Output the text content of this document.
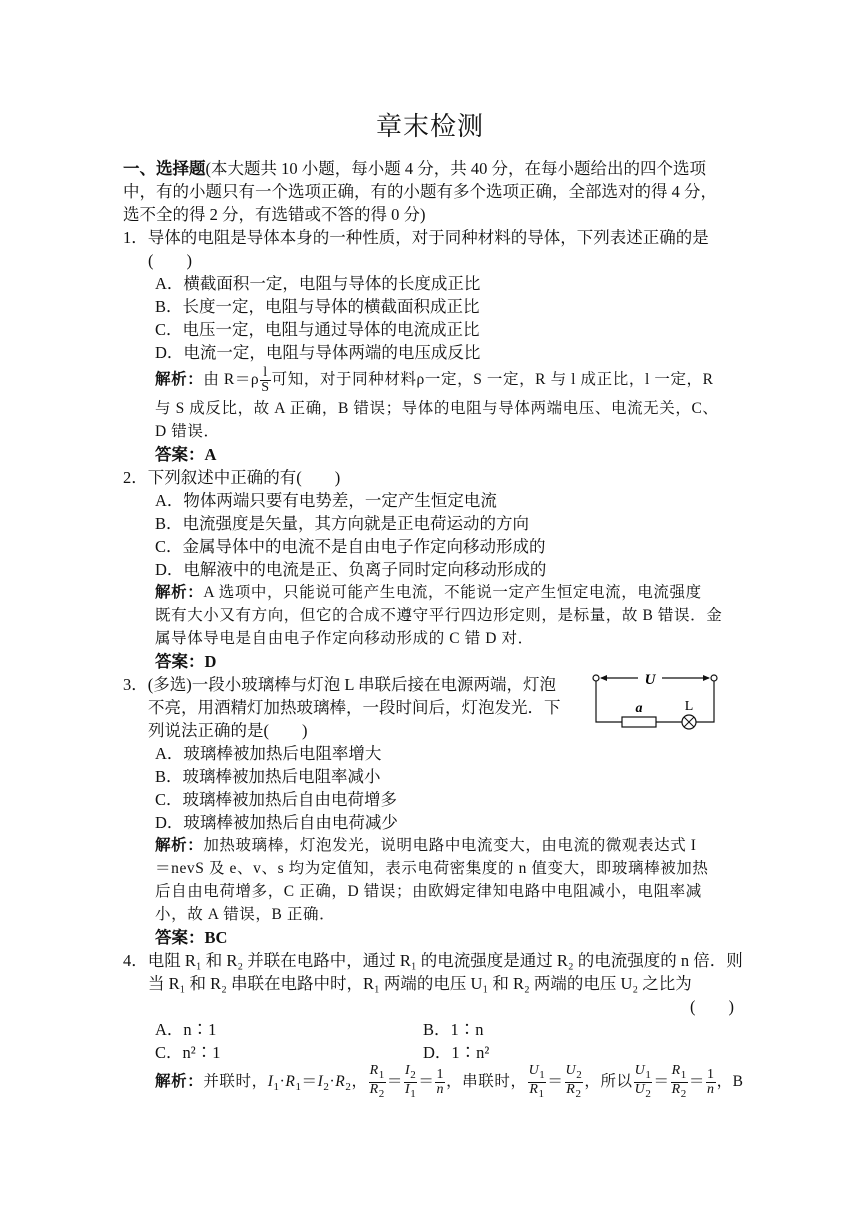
章末检测
一、选择题(本大题共 10 小题，每小题 4 分，共 40 分，在每小题给出的四个选项
中，有的小题只有一个选项正确，有的小题有多个选项正确，全部选对的得 4 分，
选不全的得 2 分，有选错或不答的得 0 分)
1．导体的电阻是导体本身的一种性质，对于同种材料的导体，下列表述正确的是
(　　)
A．横截面积一定，电阻与导体的长度成正比
B．长度一定，电阻与导体的横截面积成正比
C．电压一定，电阻与通过导体的电流成正比
D．电流一定，电阻与导体两端的电压成反比
解析：由 $R=\rho \frac{l}{S}$ 可知，对于同种材料ρ一定，S 一定，R 与 l 成正比，l 一定，R
与 S 成反比，故 A 正确，B 错误；导体的电阻与导体两端电压、电流无关，C、
D 错误．
答案：A
2．下列叙述中正确的有(　　)
A．物体两端只要有电势差，一定产生恒定电流
B．电流强度是矢量，其方向就是正电荷运动的方向
C．金属导体中的电流不是自由电子作定向移动形成的
D．电解液中的电流是正、负离子同时定向移动形成的
解析：A 选项中，只能说可能产生电流，不能说一定产生恒定电流，电流强度
既有大小又有方向，但它的合成不遵守平行四边形定则，是标量，故 B 错误．金
属导体导电是自由电子作定向移动形成的 C 错 D 对．
答案：D
3．(多选)一段小玻璃棒与灯泡 L 串联后接在电源两端，灯泡
不亮，用酒精灯加热玻璃棒，一段时间后，灯泡发光．下
列说法正确的是(　　)
U
a	L
A．玻璃棒被加热后电阻率增大
B．玻璃棒被加热后电阻率减小
C．玻璃棒被加热后自由电荷增多
D．玻璃棒被加热后自由电荷减少
解析：加热玻璃棒，灯泡发光，说明电路中电流变大，由电流的微观表达式 I
＝nevS 及 e、v、s 均为定值知，表示电荷密集度的 n 值变大，即玻璃棒被加热
后自由电荷增多，C 正确，D 错误；由欧姆定律知电路中电阻减小，电阻率减
小，故 A 错误，B 正确．
答案：BC
4．电阻 R₁ 和 R₂ 并联在电路中，通过 R₁ 的电流强度是通过 R₂ 的电流强度的 n 倍．则
当 R₁ 和 R₂ 串联在电路中时，R₁ 两端的电压 U₁ 和 R₂ 两端的电压 U₂ 之比为
(　　)
A．n∶1	B．1∶n
C．n²∶1	D．1∶n²
解析：并联时，$I_1\cdot R_1=I_2\cdot R_2$， $\frac{R_1}{R_2} = \frac{I_2}{I_1} = \frac{1}{n}$ ，串联时， $\frac{U_1}{R_1} = \frac{U_2}{R_2}$ ，所以 $\frac{U_1}{U_2} = \frac{R_1}{R_2} = \frac{1}{n}$ ，B
